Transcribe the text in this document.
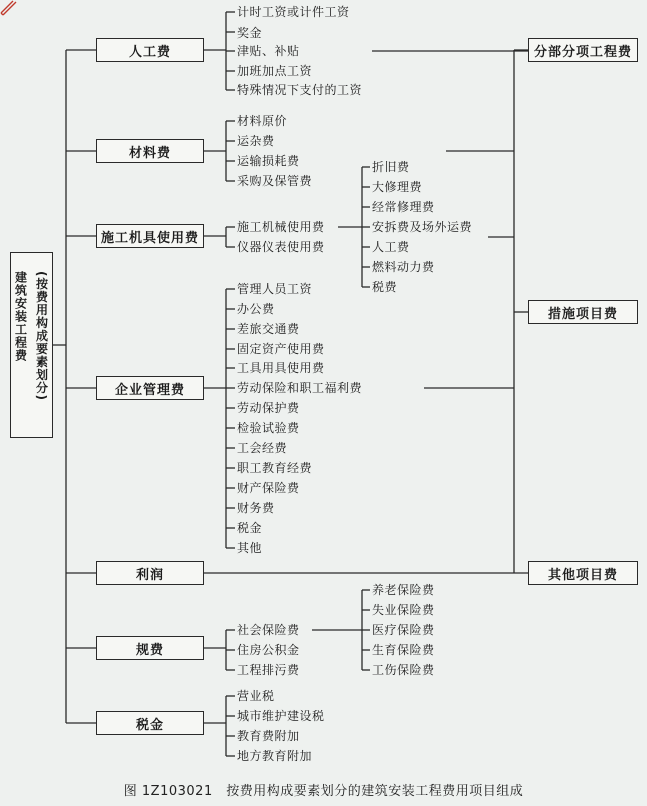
(按费用构成要素划分)
建筑安装工程费
人工费
材料费
施工机具使用费
企业管理费
利润
规费
税金
分部分项工程费
措施项目费
其他项目费
计时工资或计件工资
奖金
津贴、补贴
加班加点工资
特殊情况下支付的工资
材料原价
运杂费
运输损耗费
采购及保管费
施工机械使用费
仪器仪表使用费
折旧费
大修理费
经常修理费
安拆费及场外运费
人工费
燃料动力费
税费
管理人员工资
办公费
差旅交通费
固定资产使用费
工具用具使用费
劳动保险和职工福利费
劳动保护费
检验试验费
工会经费
职工教育经费
财产保险费
财务费
税金
其他
社会保险费
住房公积金
工程排污费
养老保险费
失业保险费
医疗保险费
生育保险费
工伤保险费
营业税
城市维护建设税
教育费附加
地方教育附加
图 1Z103021　按费用构成要素划分的建筑安装工程费用项目组成
